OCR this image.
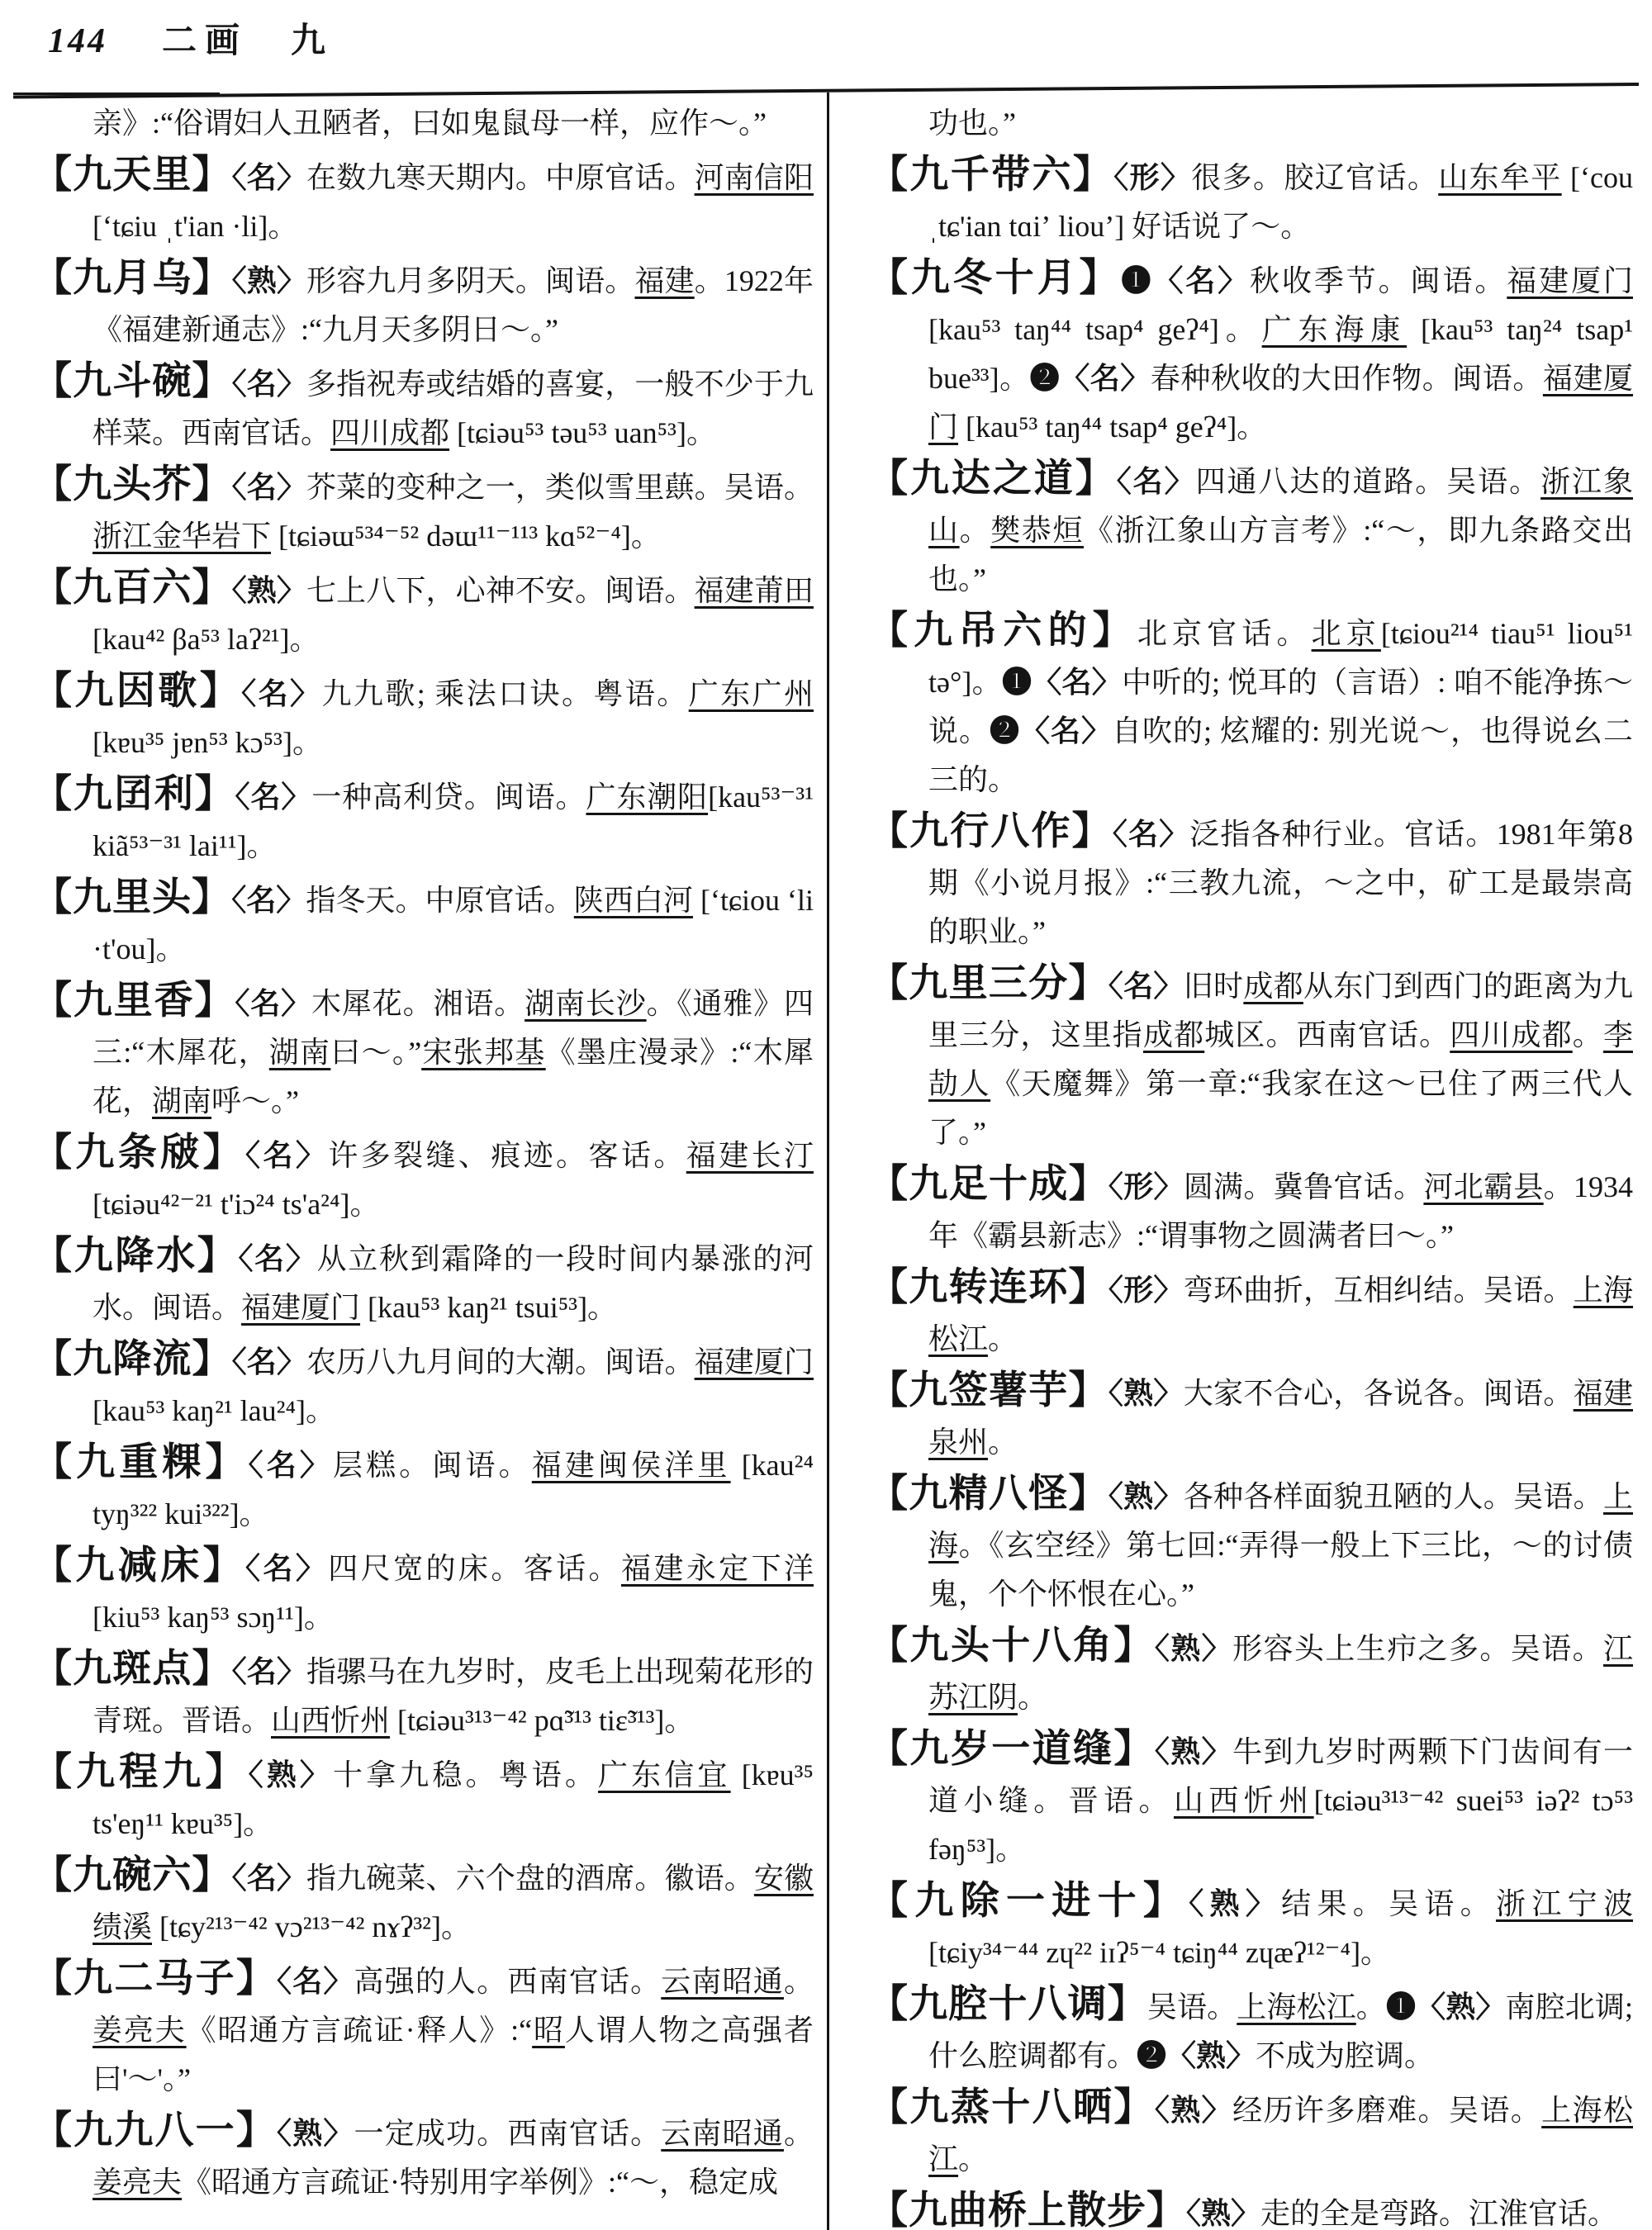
144 二画　九
亲》:“俗谓妇人丑陋者，曰如鬼鼠母一样，应作～。”
【九天里】〈名〉在数九寒天期内。中原官话。河南信阳[ʻtɕiu ˌt'ian ·li]。
【九月乌】〈熟〉形容九月多阴天。闽语。福建。1922年《福建新通志》:“九月天多阴日～。”
【九斗碗】〈名〉多指祝寿或结婚的喜宴，一般不少于九样菜。西南官话。四川成都 [tɕiəu⁵³ təu⁵³ uan⁵³]。
【九头芥】〈名〉芥菜的变种之一，类似雪里蕻。吴语。浙江金华岩下 [tɕiəɯ⁵³⁴⁻⁵² dəɯ¹¹⁻¹¹³ kɑ⁵²⁻⁴]。
【九百六】〈熟〉七上八下，心神不安。闽语。福建莆田 [kau⁴² βa⁵³ laʔ²¹]。
【九因歌】〈名〉九九歌; 乘法口诀。粤语。广东广州 [kɐu³⁵ jɐn⁵³ kɔ⁵³]。
【九囝利】〈名〉一种高利贷。闽语。广东潮阳[kau⁵³⁻³¹ kiã⁵³⁻³¹ lai¹¹]。
【九里头】〈名〉指冬天。中原官话。陕西白河 [ʻtɕiou ʻli ·t'ou]。
【九里香】〈名〉木犀花。湘语。湖南长沙。《通雅》四三:“木犀花，湖南曰～。”宋张邦基《墨庄漫录》:“木犀花，湖南呼～。”
【九条㿭】〈名〉许多裂缝、痕迹。客话。福建长汀 [tɕiəu⁴²⁻²¹ t'iɔ²⁴ ts'a²⁴]。
【九降水】〈名〉从立秋到霜降的一段时间内暴涨的河水。闽语。福建厦门 [kau⁵³ kaŋ²¹ tsui⁵³]。
【九降流】〈名〉农历八九月间的大潮。闽语。福建厦门[kau⁵³ kaŋ²¹ lau²⁴]。
【九重粿】〈名〉层糕。闽语。福建闽侯洋里 [kau²⁴ tyŋ³²² kui³²²]。
【九减床】〈名〉四尺宽的床。客话。福建永定下洋 [kiu⁵³ kaŋ⁵³ sɔŋ¹¹]。
【九斑点】〈名〉指骡马在九岁时，皮毛上出现菊花形的青斑。晋语。山西忻州 [tɕiəu³¹³⁻⁴² pɑ̃³¹³ tiɛ̃³¹³]。
【九程九】〈熟〉十拿九稳。粤语。广东信宜 [kɐu³⁵ ts'eŋ¹¹ kɐu³⁵]。
【九碗六】〈名〉指九碗菜、六个盘的酒席。徽语。安徽绩溪 [tɕy²¹³⁻⁴² vɔ²¹³⁻⁴² nɤʔ³²]。
【九二马子】〈名〉高强的人。西南官话。云南昭通。姜亮夫《昭通方言疏证·释人》:“昭人谓人物之高强者曰'～'。”
【九九八一】〈熟〉一定成功。西南官话。云南昭通。姜亮夫《昭通方言疏证·特别用字举例》:“～，稳定成
功也。”
【九千带六】〈形〉很多。胶辽官话。山东牟平 [ʻcou ˌtɕ'ian tɑiʼ liouʼ] 好话说了～。
【九冬十月】❶〈名〉秋收季节。闽语。福建厦门 [kau⁵³ taŋ⁴⁴ tsap⁴ geʔ⁴]。广东海康 [kau⁵³ taŋ²⁴ tsap¹ bue³³]。❷〈名〉春种秋收的大田作物。闽语。福建厦门 [kau⁵³ taŋ⁴⁴ tsap⁴ geʔ⁴]。
【九达之道】〈名〉四通八达的道路。吴语。浙江象山。樊恭烜《浙江象山方言考》:“～，即九条路交出也。”
【九吊六的】北京官话。北京[tɕiou²¹⁴ tiau⁵¹ liou⁵¹ tə°]。❶〈名〉中听的; 悦耳的（言语）: 咱不能净拣～说。❷〈名〉自吹的; 炫耀的: 别光说～，也得说幺二三的。
【九行八作】〈名〉泛指各种行业。官话。1981年第8期《小说月报》:“三教九流，～之中，矿工是最崇高的职业。”
【九里三分】〈名〉旧时成都从东门到西门的距离为九里三分，这里指成都城区。西南官话。四川成都。李劼人《天魔舞》第一章:“我家在这～已住了两三代人了。”
【九足十成】〈形〉圆满。冀鲁官话。河北霸县。1934年《霸县新志》:“谓事物之圆满者曰～。”
【九转连环】〈形〉弯环曲折，互相纠结。吴语。上海松江。
【九签薯芋】〈熟〉大家不合心，各说各。闽语。福建泉州。
【九精八怪】〈熟〉各种各样面貌丑陋的人。吴语。上海。《玄空经》第七回:“弄得一般上下三比，～的讨债鬼，个个怀恨在心。”
【九头十八角】〈熟〉形容头上生疖之多。吴语。江苏江阴。
【九岁一道缝】〈熟〉牛到九岁时两颗下门齿间有一道小缝。晋语。山西忻州[tɕiəu³¹³⁻⁴² suei⁵³ iəʔ² tɔ⁵³ fəŋ⁵³]。
【九除一进十】〈熟〉结果。吴语。浙江宁波 [tɕiy³⁴⁻⁴⁴ zɥ²² iɪʔ⁵⁻⁴ tɕiŋ⁴⁴ zɥæʔ¹²⁻⁴]。
【九腔十八调】吴语。上海松江。❶〈熟〉南腔北调; 什么腔调都有。❷〈熟〉不成为腔调。
【九蒸十八晒】〈熟〉经历许多磨难。吴语。上海松江。
【九曲桥上散步】〈熟〉走的全是弯路。江淮官话。
